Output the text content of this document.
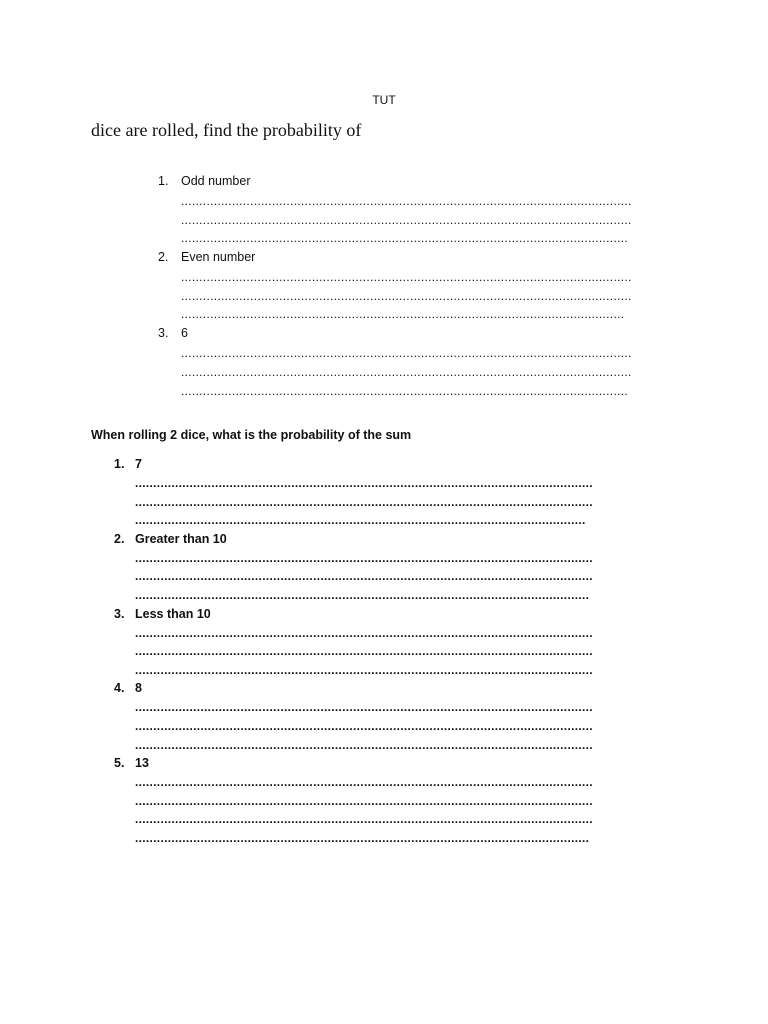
TUT
dice are rolled, find the probability of
1. Odd number
............................................................................................................................
............................................................................................................................
...........................................................................................................................
2. Even number
............................................................................................................................
............................................................................................................................
..........................................................................................................................
3. 6
............................................................................................................................
............................................................................................................................
...........................................................................................................................
When rolling 2 dice, what is the probability of the sum
1. 7
..............................................................................................................................
..............................................................................................................................
............................................................................................................................
2. Greater than 10
..............................................................................................................................
..............................................................................................................................
.............................................................................................................................
3. Less than 10
..............................................................................................................................
..............................................................................................................................
..............................................................................................................................
4. 8
..............................................................................................................................
..............................................................................................................................
..............................................................................................................................
5. 13
..............................................................................................................................
..............................................................................................................................
..............................................................................................................................
.............................................................................................................................
